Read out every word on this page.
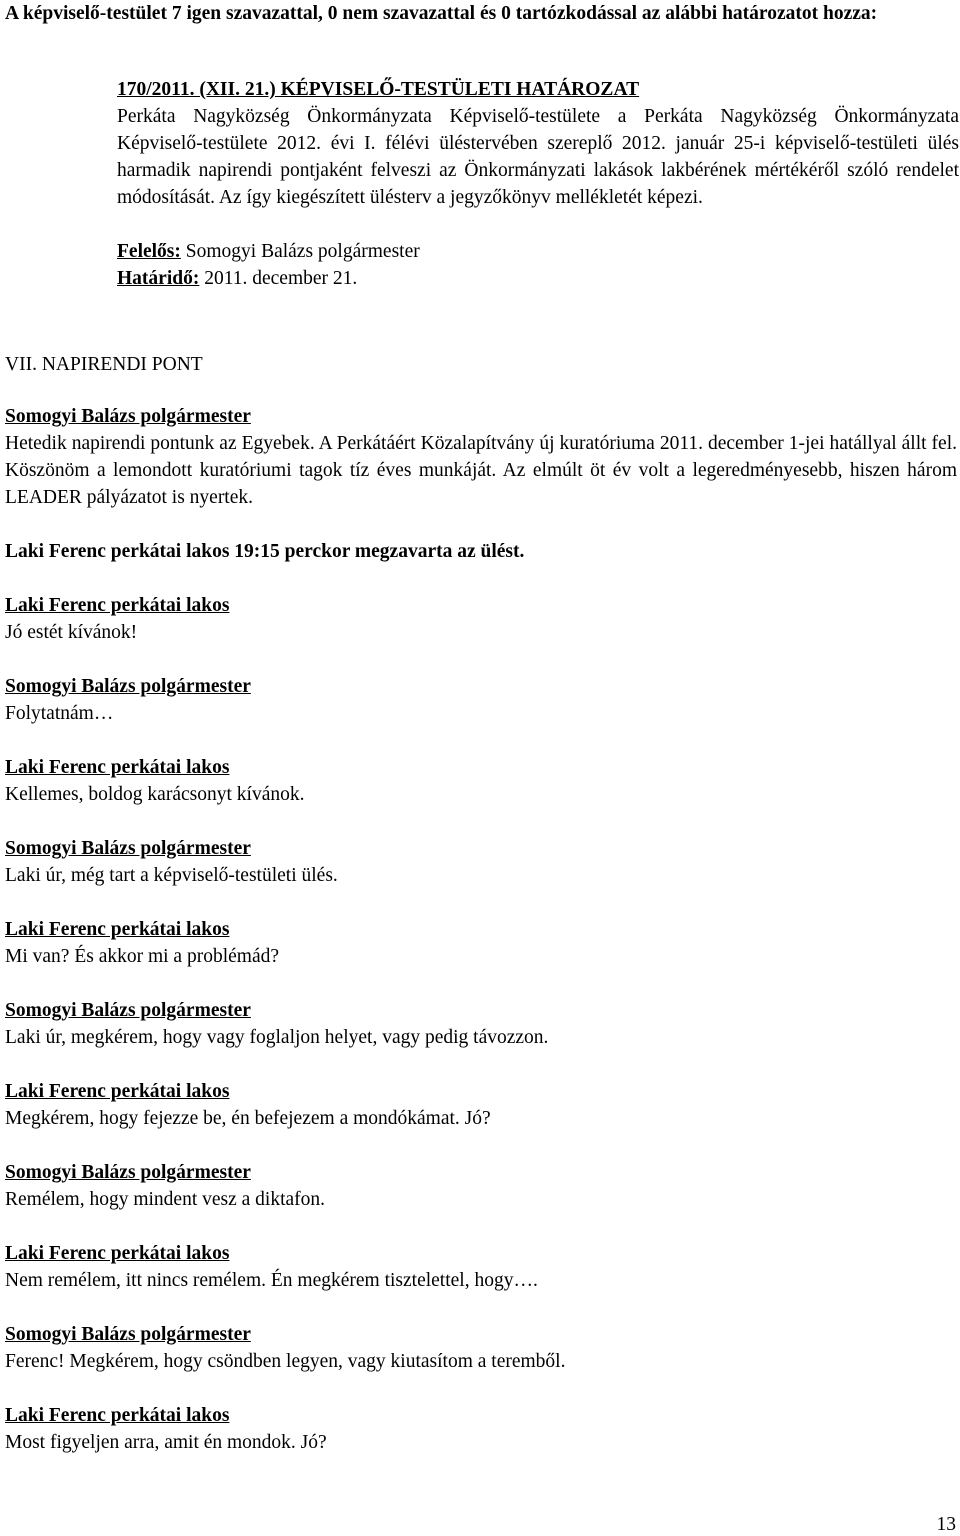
A képviselő-testület 7 igen szavazattal, 0 nem szavazattal és 0 tartózkodással az alábbi határozatot hozza:

170/2011. (XII. 21.) KÉPVISELŐ-TESTÜLETI HATÁROZAT

Perkáta Nagyközség Önkormányzata Képviselő-testülete a Perkáta Nagyközség Önkormányzata Képviselő-testülete 2012. évi I. félévi üléstervében szereplő 2012. január 25-i képviselő-testületi ülés harmadik napirendi pontjaként felveszi az Önkormányzati lakások lakbérének mértékéről szóló rendelet módosítását. Az így kiegészített ülésterv a jegyzőkönyv mellékletét képezi.

Felelős: Somogyi Balázs polgármester

Határidő: 2011. december 21.

VII. NAPIRENDI PONT

Somogyi Balázs polgármester

Hetedik napirendi pontunk az Egyebek. A Perkátáért Közalapítvány új kuratóriuma 2011. december 1-jei hatállyal állt fel. Köszönöm a lemondott kuratóriumi tagok tíz éves munkáját. Az elmúlt öt év volt a legeredményesebb, hiszen három LEADER pályázatot is nyertek.

Laki Ferenc perkátai lakos 19:15 perckor megzavarta az ülést.

Laki Ferenc perkátai lakos

Jó estét kívánok!

Somogyi Balázs polgármester

Folytatnám…

Laki Ferenc perkátai lakos

Kellemes, boldog karácsonyt kívánok.

Somogyi Balázs polgármester

Laki úr, még tart a képviselő-testületi ülés.

Laki Ferenc perkátai lakos

Mi van? És akkor mi a problémád?

Somogyi Balázs polgármester

Laki úr, megkérem, hogy vagy foglaljon helyet, vagy pedig távozzon.

Laki Ferenc perkátai lakos

Megkérem, hogy fejezze be, én befejezem a mondókámat. Jó?

Somogyi Balázs polgármester

Remélem, hogy mindent vesz a diktafon.

Laki Ferenc perkátai lakos

Nem remélem, itt nincs remélem. Én megkérem tisztelettel, hogy….

Somogyi Balázs polgármester

Ferenc! Megkérem, hogy csöndben legyen, vagy kiutasítom a teremből.

Laki Ferenc perkátai lakos

Most figyeljen arra, amit én mondok. Jó?

13
